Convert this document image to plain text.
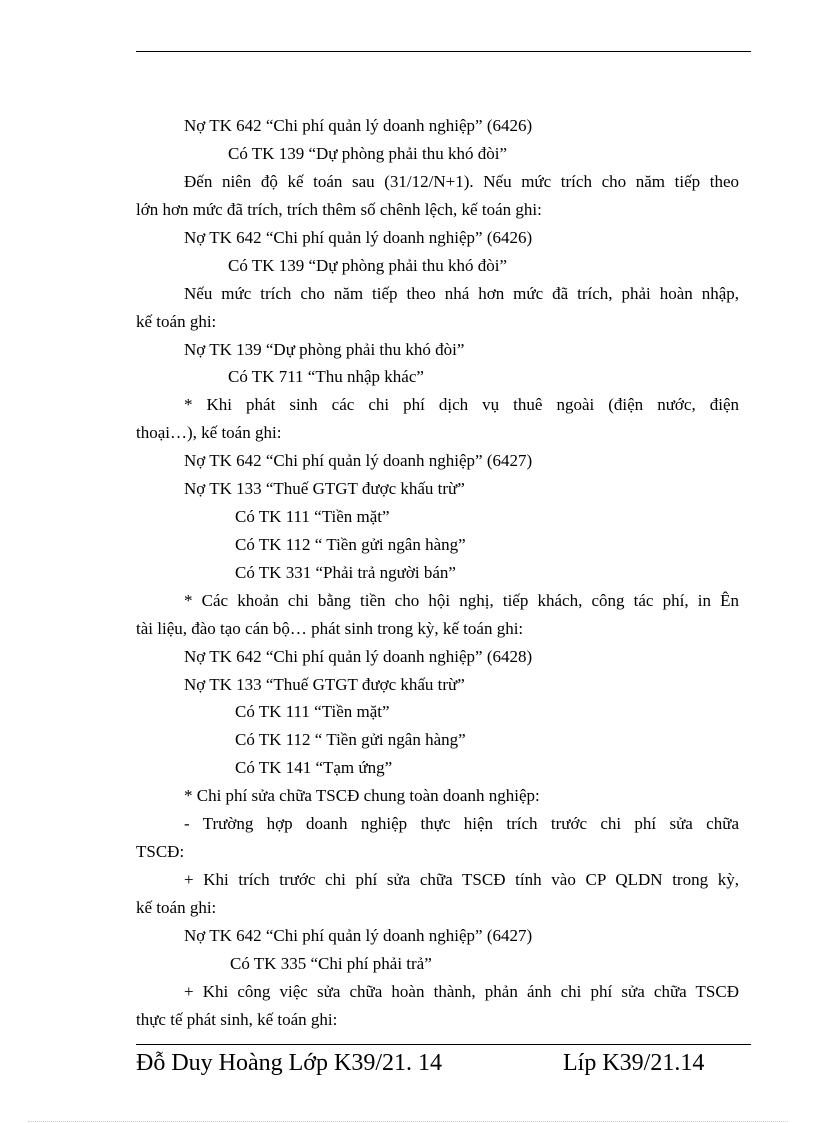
Nợ TK 642 “Chi phí quản lý doanh nghiệp” (6426)
Có TK 139 “Dự phòng phải thu khó đòi”
Đến niên độ kế toán sau (31/12/N+1). Nếu mức trích cho năm tiếp theo
lớn hơn mức đã trích, trích thêm số chênh lệch, kế toán ghi:
Nợ TK 642 “Chi phí quản lý doanh nghiệp” (6426)
Có TK 139 “Dự phòng phải thu khó đòi”
Nếu mức trích cho năm tiếp theo nhá hơn mức đã trích, phải hoàn nhập,
kế toán ghi:
Nợ TK 139 “Dự phòng phải thu khó đòi”
Có TK 711 “Thu nhập khác”
* Khi phát sinh các chi phí dịch vụ thuê ngoài (điện nước, điện
thoại…), kế toán ghi:
Nợ TK 642 “Chi phí quản lý doanh nghiệp” (6427)
Nợ TK 133 “Thuế GTGT được khấu trừ”
Có TK 111 “Tiền mặt”
Có TK 112 “ Tiền gửi ngân hàng”
Có TK 331 “Phải trả người bán”
* Các khoản chi bằng tiền cho hội nghị, tiếp khách, công tác phí, in Ên
tài liệu, đào tạo cán bộ… phát sinh trong kỳ, kế toán ghi:
Nợ TK 642 “Chi phí quản lý doanh nghiệp” (6428)
Nợ TK 133 “Thuế GTGT được khấu trừ”
Có TK 111 “Tiền mặt”
Có TK 112 “ Tiền gửi ngân hàng”
Có TK 141 “Tạm ứng”
* Chi phí sửa chữa TSCĐ chung toàn doanh nghiệp:
- Trường hợp doanh nghiệp thực hiện trích trước chi phí sửa chữa
TSCĐ:
+ Khi trích trước chi phí sửa chữa TSCĐ tính vào CP QLDN trong kỳ,
kế toán ghi:
Nợ TK 642 “Chi phí quản lý doanh nghiệp” (6427)
Có TK 335 “Chi phí phải trả”
+ Khi công việc sửa chữa hoàn thành, phản ánh chi phí sửa chữa TSCĐ
thực tế phát sinh, kế toán ghi:
Đỗ Duy Hoàng Lớp K39/21. 14	Líp K39/21.14
